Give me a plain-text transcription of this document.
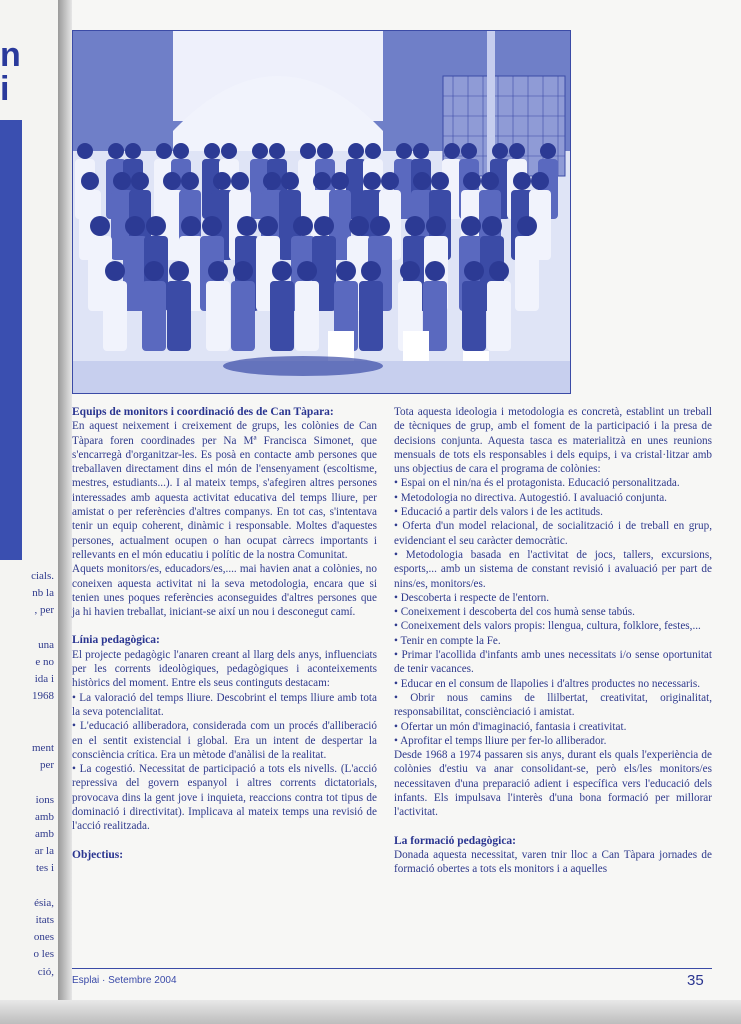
n
i
cials.
nb la
, per
una
e no
ida i
1968
ment
per
ions
amb
amb
ar la
tes i
ésia,
itats
ones
o les
ció,
Equips de monitors i coordinació des de Can Tàpara:

En aquest neixement i creixement de grups, les colònies de Can Tàpara foren coordinades per Na Mª Francisca Simonet, que s'encarregà d'organitzar-les. Es posà en contacte amb persones que treballaven directament dins el món de l'ensenyament (escoltisme, mestres, estudiants...). I al mateix temps, s'afegiren altres persones interessades amb aquesta activitat educativa del temps lliure, per amistat o per referències d'altres companys. En tot cas, s'intentava tenir un equip coherent, dinàmic i responsable. Moltes d'aquestes persones, actualment ocupen o han ocupat càrrecs importants i rellevants en el món educatiu i polític de la nostra Comunitat.

Aquets monitors/es, educadors/es,.... mai havien anat a colònies, no coneixen aquesta activitat ni la seva metodologia, encara que si tenien unes poques referències aconseguides d'altres persones que ja hi havien treballat, iniciant-se així un nou i desconegut camí.

Línia pedagògica:

El projecte pedagògic l'anaren creant al llarg dels anys, influenciats per les corrents ideològiques, pedagògiques i aconteixements històrics del moment. Entre els seus continguts destacam:

• La valoració del temps lliure. Descobrint el temps lliure amb tota la seva potencialitat.

• L'educació alliberadora, considerada com un procés d'alliberació en el sentit existencial i global. Era un intent de despertar la consciència crítica. Era un mètode d'anàlisi de la realitat.

• La cogestió. Necessitat de participació a tots els nivells. (L'acció repressiva del govern espanyol i altres corrents dictatorials, provocava dins la gent jove i inquieta, reaccions contra tot tipus de dominació i directivitat). Implicava al mateix temps una revisió de l'acció realitzada.

Objectius:

Tota aquesta ideologia i metodologia es concretà, establint un treball de tècniques de grup, amb el foment de la participació i la presa de decisions conjunta. Aquesta tasca es materialitzà en unes reunions mensuals de tots els responsables i dels equips, i va cristal·litzar amb uns objectius de cara el programa de colònies:

• Espai on el nin/na és el protagonista. Educació personalitzada.
• Metodologia no directiva. Autogestió. I avaluació conjunta.
• Educació a partir dels valors i de les actituds.
• Oferta d'un model relacional, de socialització i de treball en grup, evidenciant el seu caràcter democràtic.
• Metodologia basada en l'activitat de jocs, tallers, excursions, esports,... amb un sistema de constant revisió i avaluació per part de nins/es, monitors/es.
• Descoberta i respecte de l'entorn.
• Coneixement i descoberta del cos humà sense tabús.
• Coneixement dels valors propis: llengua, cultura, folklore, festes,...
• Tenir en compte la Fe.
• Primar l'acollida d'infants amb unes necessitats i/o sense oportunitat de tenir vacances.
• Educar en el consum de llapolies i d'altres productes no necessaris.
• Obrir nous camins de llilbertat, creativitat, originalitat, responsabilitat, consciènciació i amistat.
• Ofertar un món d'imaginació, fantasia i creativitat.
• Aprofitar el temps lliure per fer-lo alliberador.

Desde 1968 a 1974 passaren sis anys, durant els quals l'experiència de colònies d'estiu va anar consolidant-se, però els/les monitors/es necessitaven d'una preparació adient i específica vers l'educació dels infants. Els impulsava l'interès d'una bona formació per millorar l'activitat.

La formació pedagògica:

Donada aquesta necessitat, varen tnir lloc a Can Tàpara jornades de formació obertes a tots els monitors i a aquelles

Esplai · Setembre 2004	35
